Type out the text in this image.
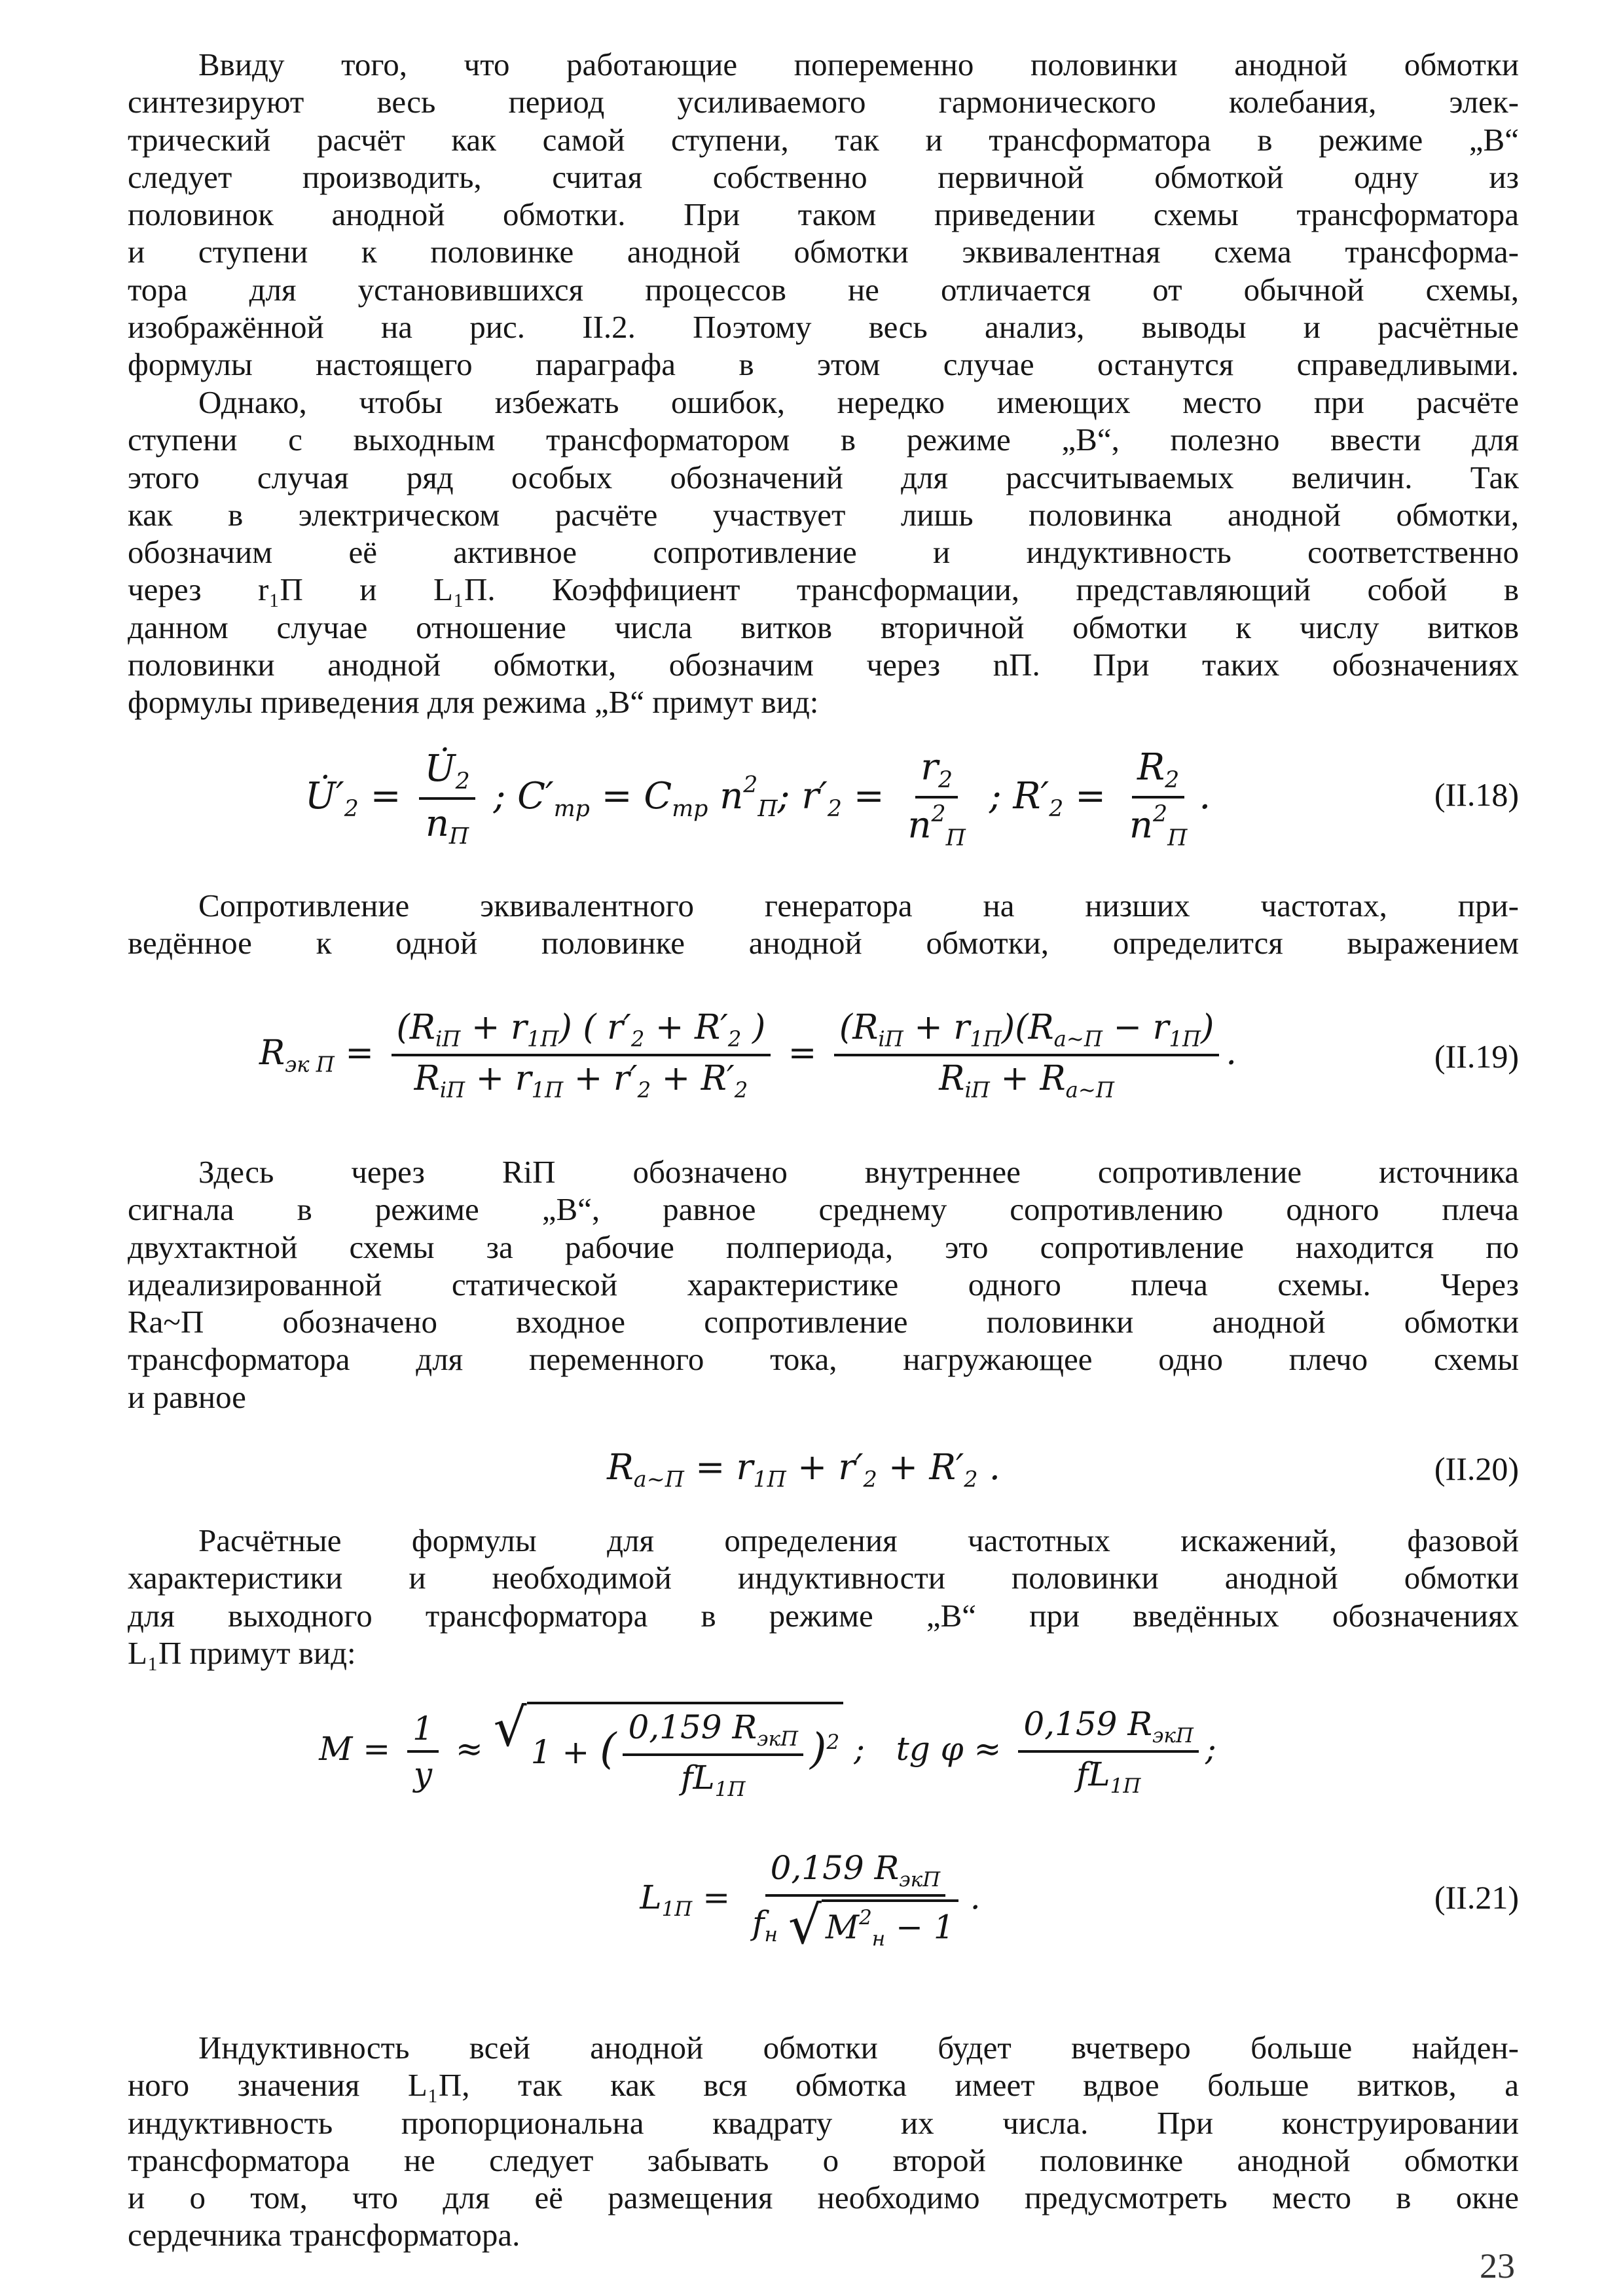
Ввиду того, что работающие попеременно половинки анодной обмотки
синтезируют весь период усиливаемого гармонического колебания, элек-
трический расчёт как самой ступени, так и трансформатора в режиме „В“
следует производить, считая собственно первичной обмоткой одну из
половинок анодной обмотки. При таком приведении схемы трансформатора
и ступени к половинке анодной обмотки эквивалентная схема трансформа-
тора для установившихся процессов не отличается от обычной схемы,
изображённой на рис. II.2. Поэтому весь анализ, выводы и расчётные
формулы настоящего параграфа в этом случае останутся справедливыми.
Однако, чтобы избежать ошибок, нередко имеющих место при расчёте
ступени с выходным трансформатором в режиме „В“, полезно ввести для
этого случая ряд особых обозначений для рассчитываемых величин. Так
как в электрическом расчёте участвует лишь половинка анодной обмотки,
обозначим её активное сопротивление и индуктивность соответственно
через r₁П и L₁П. Коэффициент трансформации, представляющий собой в
данном случае отношение числа витков вторичной обмотки к числу витков
половинки анодной обмотки, обозначим через nП. При таких обозначениях
формулы приведения для режима „В“ примут вид:
$U̇'_2 = \frac{U̇_2}{n_П}$ ; $C'_{mp} = C_{mp}$ $n^2_П$; $r'_2 = \frac{r_2}{n^2_П}$ ; $R'_2 = \frac{R_2}{n^2_П}$ .	(II.18)
Сопротивление эквивалентного генератора на низших частотах, при-
ведённое к одной половинке анодной обмотки, определится выражением
$R_{эк П} = \frac{(R_{iП} + r_{1П}) ( r'_2 + R'_2 )}{R_{iП} + r_{1П} + r'_2 + R'_2} = \frac{(R_{iП} + r_{1П})(R_{a\sim П} - r_{1П})}{R_{iП} + R_{a\sim П}}$ .	(II.19)
Здесь через RiП обозначено внутреннее сопротивление источника
сигнала в режиме „В“, равное среднему сопротивлению одного плеча
двухтактной схемы за рабочие полпериода, это сопротивление находится по
идеализированной статической характеристике одного плеча схемы. Через
Ra~П обозначено входное сопротивление половинки анодной обмотки
трансформатора для переменного тока, нагружающее одно плечо схемы
и равное
$R_{a\sim П} = r_{1П} + r'_2 + R'_2$ .	(II.20)
Расчётные формулы для определения частотных искажений, фазовой
характеристики и необходимой индуктивности половинки анодной обмотки
для выходного трансформатора в режиме „В“ при введённых обозначениях
L₁П примут вид:
$M = \frac{1}{y}$ ≈ √ 1 + ( $\frac{0,159 R_{экП}}{fL_{1П}} )^2$ ;   tg $\varphi \approx \frac{0,159 R_{экП}}{fL_{1П}}$ ;
$L_{1П} = \frac{0,159 R_{экП}}{f_н √ M^2_н - 1}$ .	(II.21)
Индуктивность всей анодной обмотки будет вчетверо больше найден-
ного значения L₁П, так как вся обмотка имеет вдвое больше витков, а
индуктивность пропорциональна квадрату их числа. При конструировании
трансформатора не следует забывать о второй половинке анодной обмотки
и о том, что для её размещения необходимо предусмотреть место в окне
сердечника трансформатора.
23
